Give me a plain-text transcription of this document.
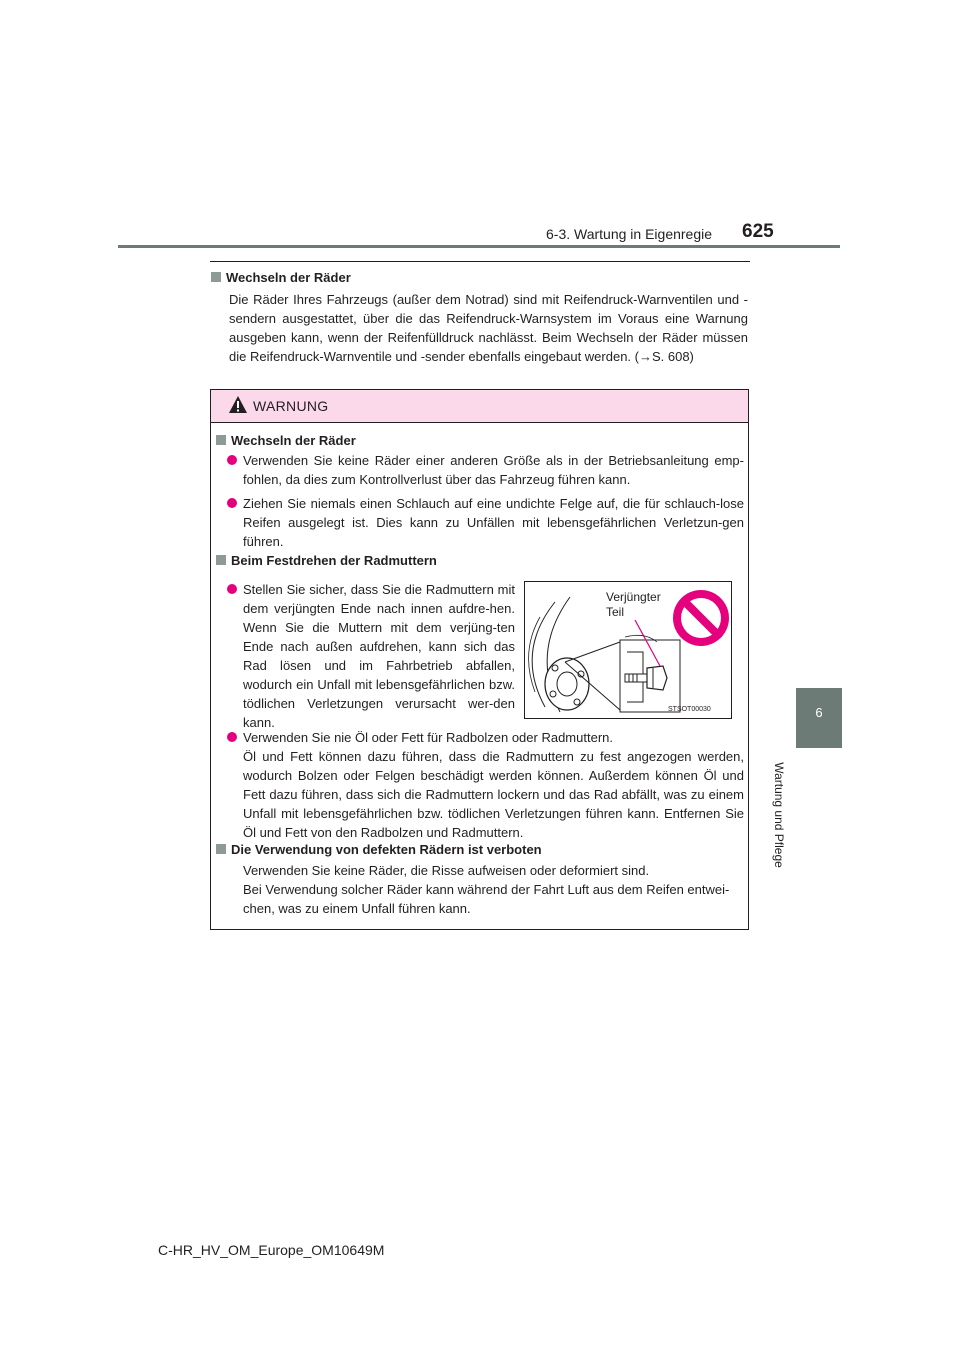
6-3. Wartung in Eigenregie 625
6
Wartung und Pflege
Wechseln der Räder
Die Räder Ihres Fahrzeugs (außer dem Notrad) sind mit Reifendruck-Warnventilen und -sendern ausgestattet, über die das Reifendruck-Warnsystem im Voraus eine Warnung ausgeben kann, wenn der Reifenfülldruck nachlässt. Beim Wechseln der Räder müssen die Reifendruck-Warnventile und -sender ebenfalls eingebaut werden. (→S. 608)
WARNUNG
Wechseln der Räder
Verwenden Sie keine Räder einer anderen Größe als in der Betriebsanleitung emp-fohlen, da dies zum Kontrollverlust über das Fahrzeug führen kann.
Ziehen Sie niemals einen Schlauch auf eine undichte Felge auf, die für schlauch-lose Reifen ausgelegt ist. Dies kann zu Unfällen mit lebensgefährlichen Verletzun-gen führen.
Beim Festdrehen der Radmuttern
Stellen Sie sicher, dass Sie die Radmuttern mit dem verjüngten Ende nach innen aufdre-hen. Wenn Sie die Muttern mit dem verjüng-ten Ende nach außen aufdrehen, kann sich das Rad lösen und im Fahrbetrieb abfallen, wodurch ein Unfall mit lebensgefährlichen bzw. tödlichen Verletzungen verursacht wer-den kann.
Verjüngter
Teil
STSOT00030
Verwenden Sie nie Öl oder Fett für Radbolzen oder Radmuttern.
Öl und Fett können dazu führen, dass die Radmuttern zu fest angezogen werden, wodurch Bolzen oder Felgen beschädigt werden können. Außerdem können Öl und Fett dazu führen, dass sich die Radmuttern lockern und das Rad abfällt, was zu einem Unfall mit lebensgefährlichen bzw. tödlichen Verletzungen führen kann. Entfernen Sie Öl und Fett von den Radbolzen und Radmuttern.
Die Verwendung von defekten Rädern ist verboten
Verwenden Sie keine Räder, die Risse aufweisen oder deformiert sind.
Bei Verwendung solcher Räder kann während der Fahrt Luft aus dem Reifen entwei-chen, was zu einem Unfall führen kann.
C-HR_HV_OM_Europe_OM10649M
